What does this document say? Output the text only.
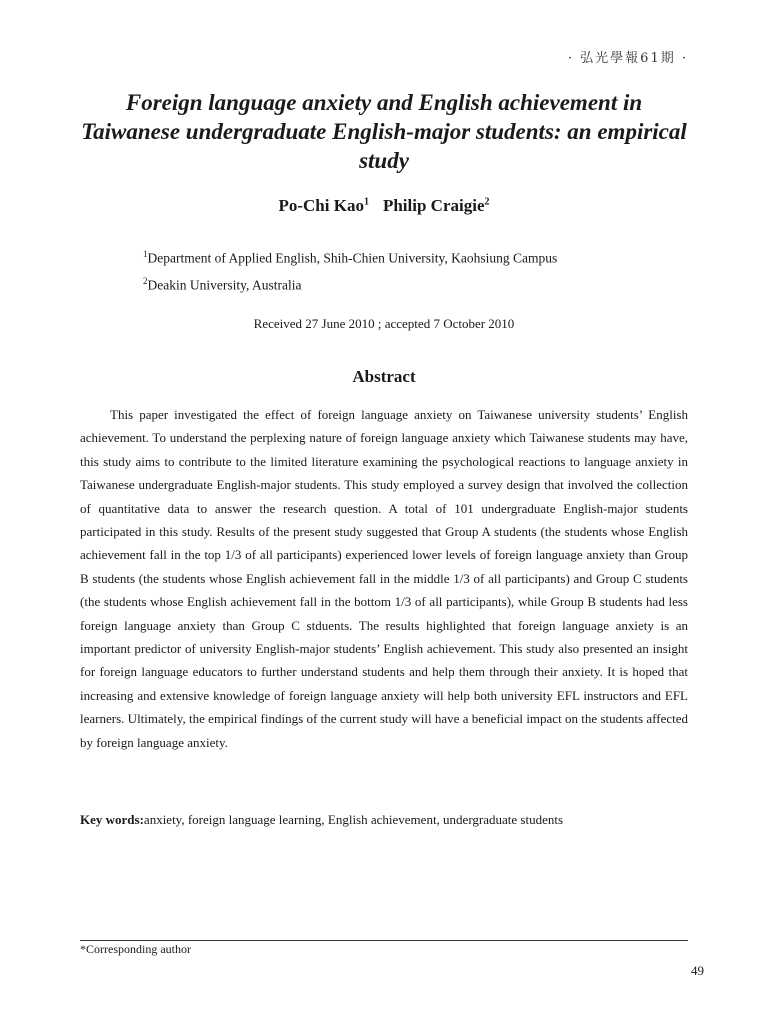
· 弘光學報61期 ·
Foreign language anxiety and English achievement in Taiwanese undergraduate English-major students: an empirical study
Po-Chi Kao$^1$ Philip Craigie$^2$
$^1$Department of Applied English, Shih-Chien University, Kaohsiung Campus
$^2$Deakin University, Australia
Received 27 June 2010 ; accepted 7 October 2010
Abstract

This paper investigated the effect of foreign language anxiety on Taiwanese university students’ English achievement. To understand the perplexing nature of foreign language anxiety which Taiwanese students may have, this study aims to contribute to the limited literature examining the psychological reactions to language anxiety in Taiwanese undergraduate English-major students. This study employed a survey design that involved the collection of quantitative data to answer the research question. A total of 101 undergraduate English-major students participated in this study. Results of the present study suggested that Group A students (the students whose English achievement fall in the top 1/3 of all participants) experienced lower levels of foreign language anxiety than Group B students (the students whose English achievement fall in the middle 1/3 of all participants) and Group C students (the students whose English achievement fall in the bottom 1/3 of all participants), while Group B students had less foreign language anxiety than Group C stduents. The results highlighted that foreign language anxiety is an important predictor of university English-major students’ English achievement. This study also presented an insight for foreign language educators to further understand students and help them through their anxiety. It is hoped that increasing and extensive knowledge of foreign language anxiety will help both university EFL instructors and EFL learners. Ultimately, the empirical findings of the current study will have a beneficial impact on the students affected by foreign language anxiety.

Key words:anxiety, foreign language learning, English achievement, undergraduate students
*Corresponding author
49
